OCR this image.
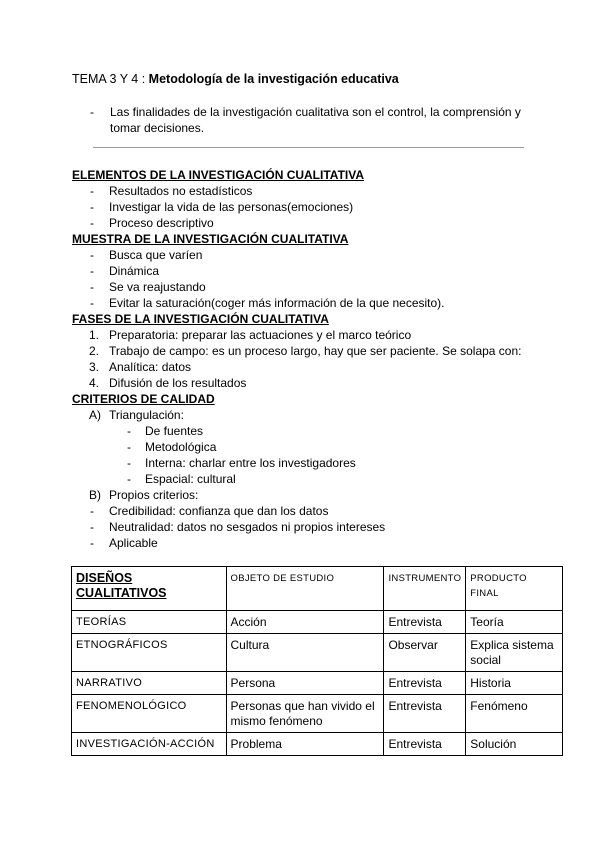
TEMA 3 Y 4 : Metodología de la investigación educativa
- Las finalidades de la investigación cualitativa son el control, la comprensión y tomar decisiones.
ELEMENTOS DE LA INVESTIGACIÓN CUALITATIVA
- Resultados no estadísticos
- Investigar la vida de las personas(emociones)
- Proceso descriptivo
MUESTRA DE LA INVESTIGACIÓN CUALITATIVA
- Busca que varíen
- Dinámica
- Se va reajustando
- Evitar la saturación(coger más información de la que necesito).
FASES DE LA INVESTIGACIÓN CUALITATIVA
1. Preparatoria: preparar las actuaciones y el marco teórico
2. Trabajo de campo: es un proceso largo, hay que ser paciente. Se solapa con:
3. Analítica: datos
4. Difusión de los resultados
CRITERIOS DE CALIDAD
A) Triangulación:
- De fuentes
- Metodológica
- Interna: charlar entre los investigadores
- Espacial: cultural
B) Propios criterios:
- Credibilidad: confianza que dan los datos
- Neutralidad: datos no sesgados ni propios intereses
- Aplicable
DISEÑOS CUALITATIVOS	OBJETO DE ESTUDIO	INSTRUMENTO	PRODUCTO FINAL
TEORÍAS	Acción	Entrevista	Teoría
ETNOGRÁFICOS	Cultura	Observar	Explica sistema social
NARRATIVO	Persona	Entrevista	Historia
FENOMENOLÓGICO	Personas que han vivido el mismo fenómeno	Entrevista	Fenómeno
INVESTIGACIÓN-ACCIÓN	Problema	Entrevista	Solución
